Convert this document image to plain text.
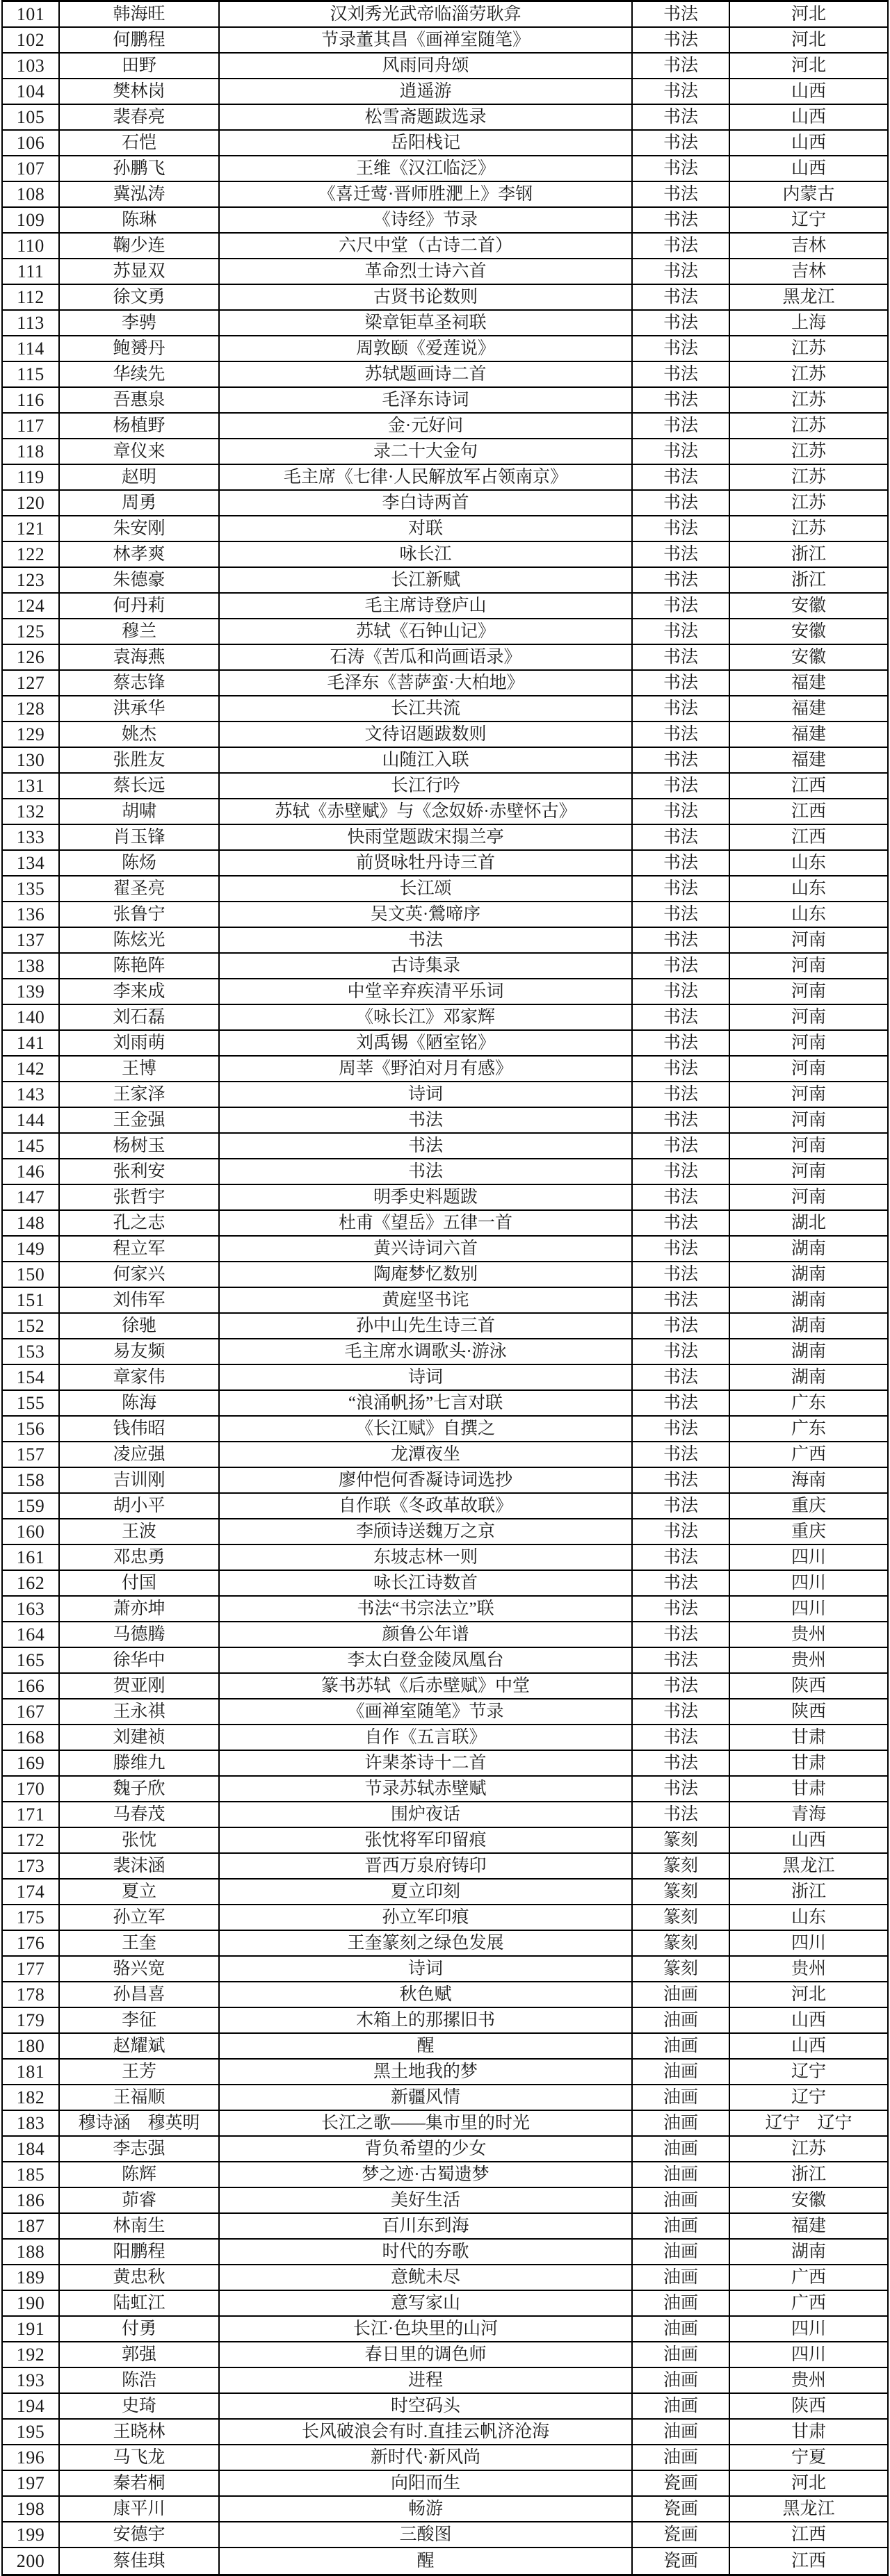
101	韩海旺	汉刘秀光武帝临淄劳耿弇	书法	河北
102	何鹏程	节录董其昌《画禅室随笔》	书法	河北
103	田野	风雨同舟颂	书法	河北
104	樊林岗	逍遥游	书法	山西
105	裴春亮	松雪斋题跋选录	书法	山西
106	石恺	岳阳栈记	书法	山西
107	孙鹏飞	王维《汉江临泛》	书法	山西
108	冀泓涛	《喜迁莺·晋师胜淝上》李钢	书法	内蒙古
109	陈琳	《诗经》节录	书法	辽宁
110	鞠少连	六尺中堂（古诗二首）	书法	吉林
111	苏显双	革命烈士诗六首	书法	吉林
112	徐文勇	古贤书论数则	书法	黑龙江
113	李骋	梁章钜草圣祠联	书法	上海
114	鲍赟丹	周敦颐《爱莲说》	书法	江苏
115	华续先	苏轼题画诗二首	书法	江苏
116	吾惠泉	毛泽东诗词	书法	江苏
117	杨植野	金·元好问	书法	江苏
118	章仪来	录二十大金句	书法	江苏
119	赵明	毛主席《七律·人民解放军占领南京》	书法	江苏
120	周勇	李白诗两首	书法	江苏
121	朱安刚	对联	书法	江苏
122	林孝爽	咏长江	书法	浙江
123	朱德豪	长江新赋	书法	浙江
124	何丹莉	毛主席诗登庐山	书法	安徽
125	穆兰	苏轼《石钟山记》	书法	安徽
126	袁海燕	石涛《苦瓜和尚画语录》	书法	安徽
127	蔡志锋	毛泽东《菩萨蛮·大柏地》	书法	福建
128	洪承华	长江共流	书法	福建
129	姚杰	文待诏题跋数则	书法	福建
130	张胜友	山随江入联	书法	福建
131	蔡长远	长江行吟	书法	江西
132	胡啸	苏轼《赤壁赋》与《念奴娇·赤壁怀古》	书法	江西
133	肖玉锋	快雨堂题跋宋搨兰亭	书法	江西
134	陈炀	前贤咏牡丹诗三首	书法	山东
135	翟圣亮	长江颂	书法	山东
136	张鲁宁	吴文英·鶯啼序	书法	山东
137	陈炫光	书法	书法	河南
138	陈艳阵	古诗集录	书法	河南
139	李来成	中堂辛弃疾清平乐词	书法	河南
140	刘石磊	《咏长江》邓家辉	书法	河南
141	刘雨萌	刘禹锡《陋室铭》	书法	河南
142	王博	周莘《野泊对月有感》	书法	河南
143	王家泽	诗词	书法	河南
144	王金强	书法	书法	河南
145	杨树玉	书法	书法	河南
146	张利安	书法	书法	河南
147	张哲宇	明季史料题跋	书法	河南
148	孔之志	杜甫《望岳》五律一首	书法	湖北
149	程立军	黄兴诗词六首	书法	湖南
150	何家兴	陶庵梦忆数别	书法	湖南
151	刘伟军	黄庭坚书诧	书法	湖南
152	徐驰	孙中山先生诗三首	书法	湖南
153	易友频	毛主席水调歌头·游泳	书法	湖南
154	章家伟	诗词	书法	湖南
155	陈海	“浪涌帆扬”七言对联	书法	广东
156	钱伟昭	《长江赋》自撰之	书法	广东
157	凌应强	龙潭夜坐	书法	广西
158	吉训刚	廖仲恺何香凝诗词选抄	书法	海南
159	胡小平	自作联《冬政革故联》	书法	重庆
160	王波	李颀诗送魏万之京	书法	重庆
161	邓忠勇	东坡志林一则	书法	四川
162	付国	咏长江诗数首	书法	四川
163	萧亦坤	书法“书宗法立”联	书法	四川
164	马德腾	颜鲁公年谱	书法	贵州
165	徐华中	李太白登金陵凤凰台	书法	贵州
166	贺亚刚	篆书苏轼《后赤壁赋》中堂	书法	陕西
167	王永祺	《画禅室随笔》节录	书法	陕西
168	刘建祯	自作《五言联》	书法	甘肃
169	滕维九	许棐茶诗十二首	书法	甘肃
170	魏子欣	节录苏轼赤壁赋	书法	甘肃
171	马春茂	围炉夜话	书法	青海
172	张忱	张忱将军印留痕	篆刻	山西
173	裴沫涵	晋西万泉府铸印	篆刻	黑龙江
174	夏立	夏立印刻	篆刻	浙江
175	孙立军	孙立军印痕	篆刻	山东
176	王奎	王奎篆刻之绿色发展	篆刻	四川
177	骆兴宽	诗词	篆刻	贵州
178	孙昌喜	秋色赋	油画	河北
179	李征	木箱上的那摞旧书	油画	山西
180	赵耀斌	醒	油画	山西
181	王芳	黑土地我的梦	油画	辽宁
182	王福顺	新疆风情	油画	辽宁
183	穆诗涵　穆英明	长江之歌——集市里的时光	油画	辽宁　辽宁
184	李志强	背负希望的少女	油画	江苏
185	陈辉	梦之迹·古蜀遗梦	油画	浙江
186	茆睿	美好生活	油画	安徽
187	林南生	百川东到海	油画	福建
188	阳鹏程	时代的夯歌	油画	湖南
189	黄忠秋	意鱿未尽	油画	广西
190	陆虹江	意写家山	油画	广西
191	付勇	长江·色块里的山河	油画	四川
192	郭强	春日里的调色师	油画	四川
193	陈浩	进程	油画	贵州
194	史琦	时空码头	油画	陕西
195	王晓林	长风破浪会有时.直挂云帆济沧海	油画	甘肃
196	马飞龙	新时代·新风尚	油画	宁夏
197	秦若桐	向阳而生	瓷画	河北
198	康平川	畅游	瓷画	黑龙江
199	安德宇	三酸图	瓷画	江西
200	蔡佳琪	醒	瓷画	江西
